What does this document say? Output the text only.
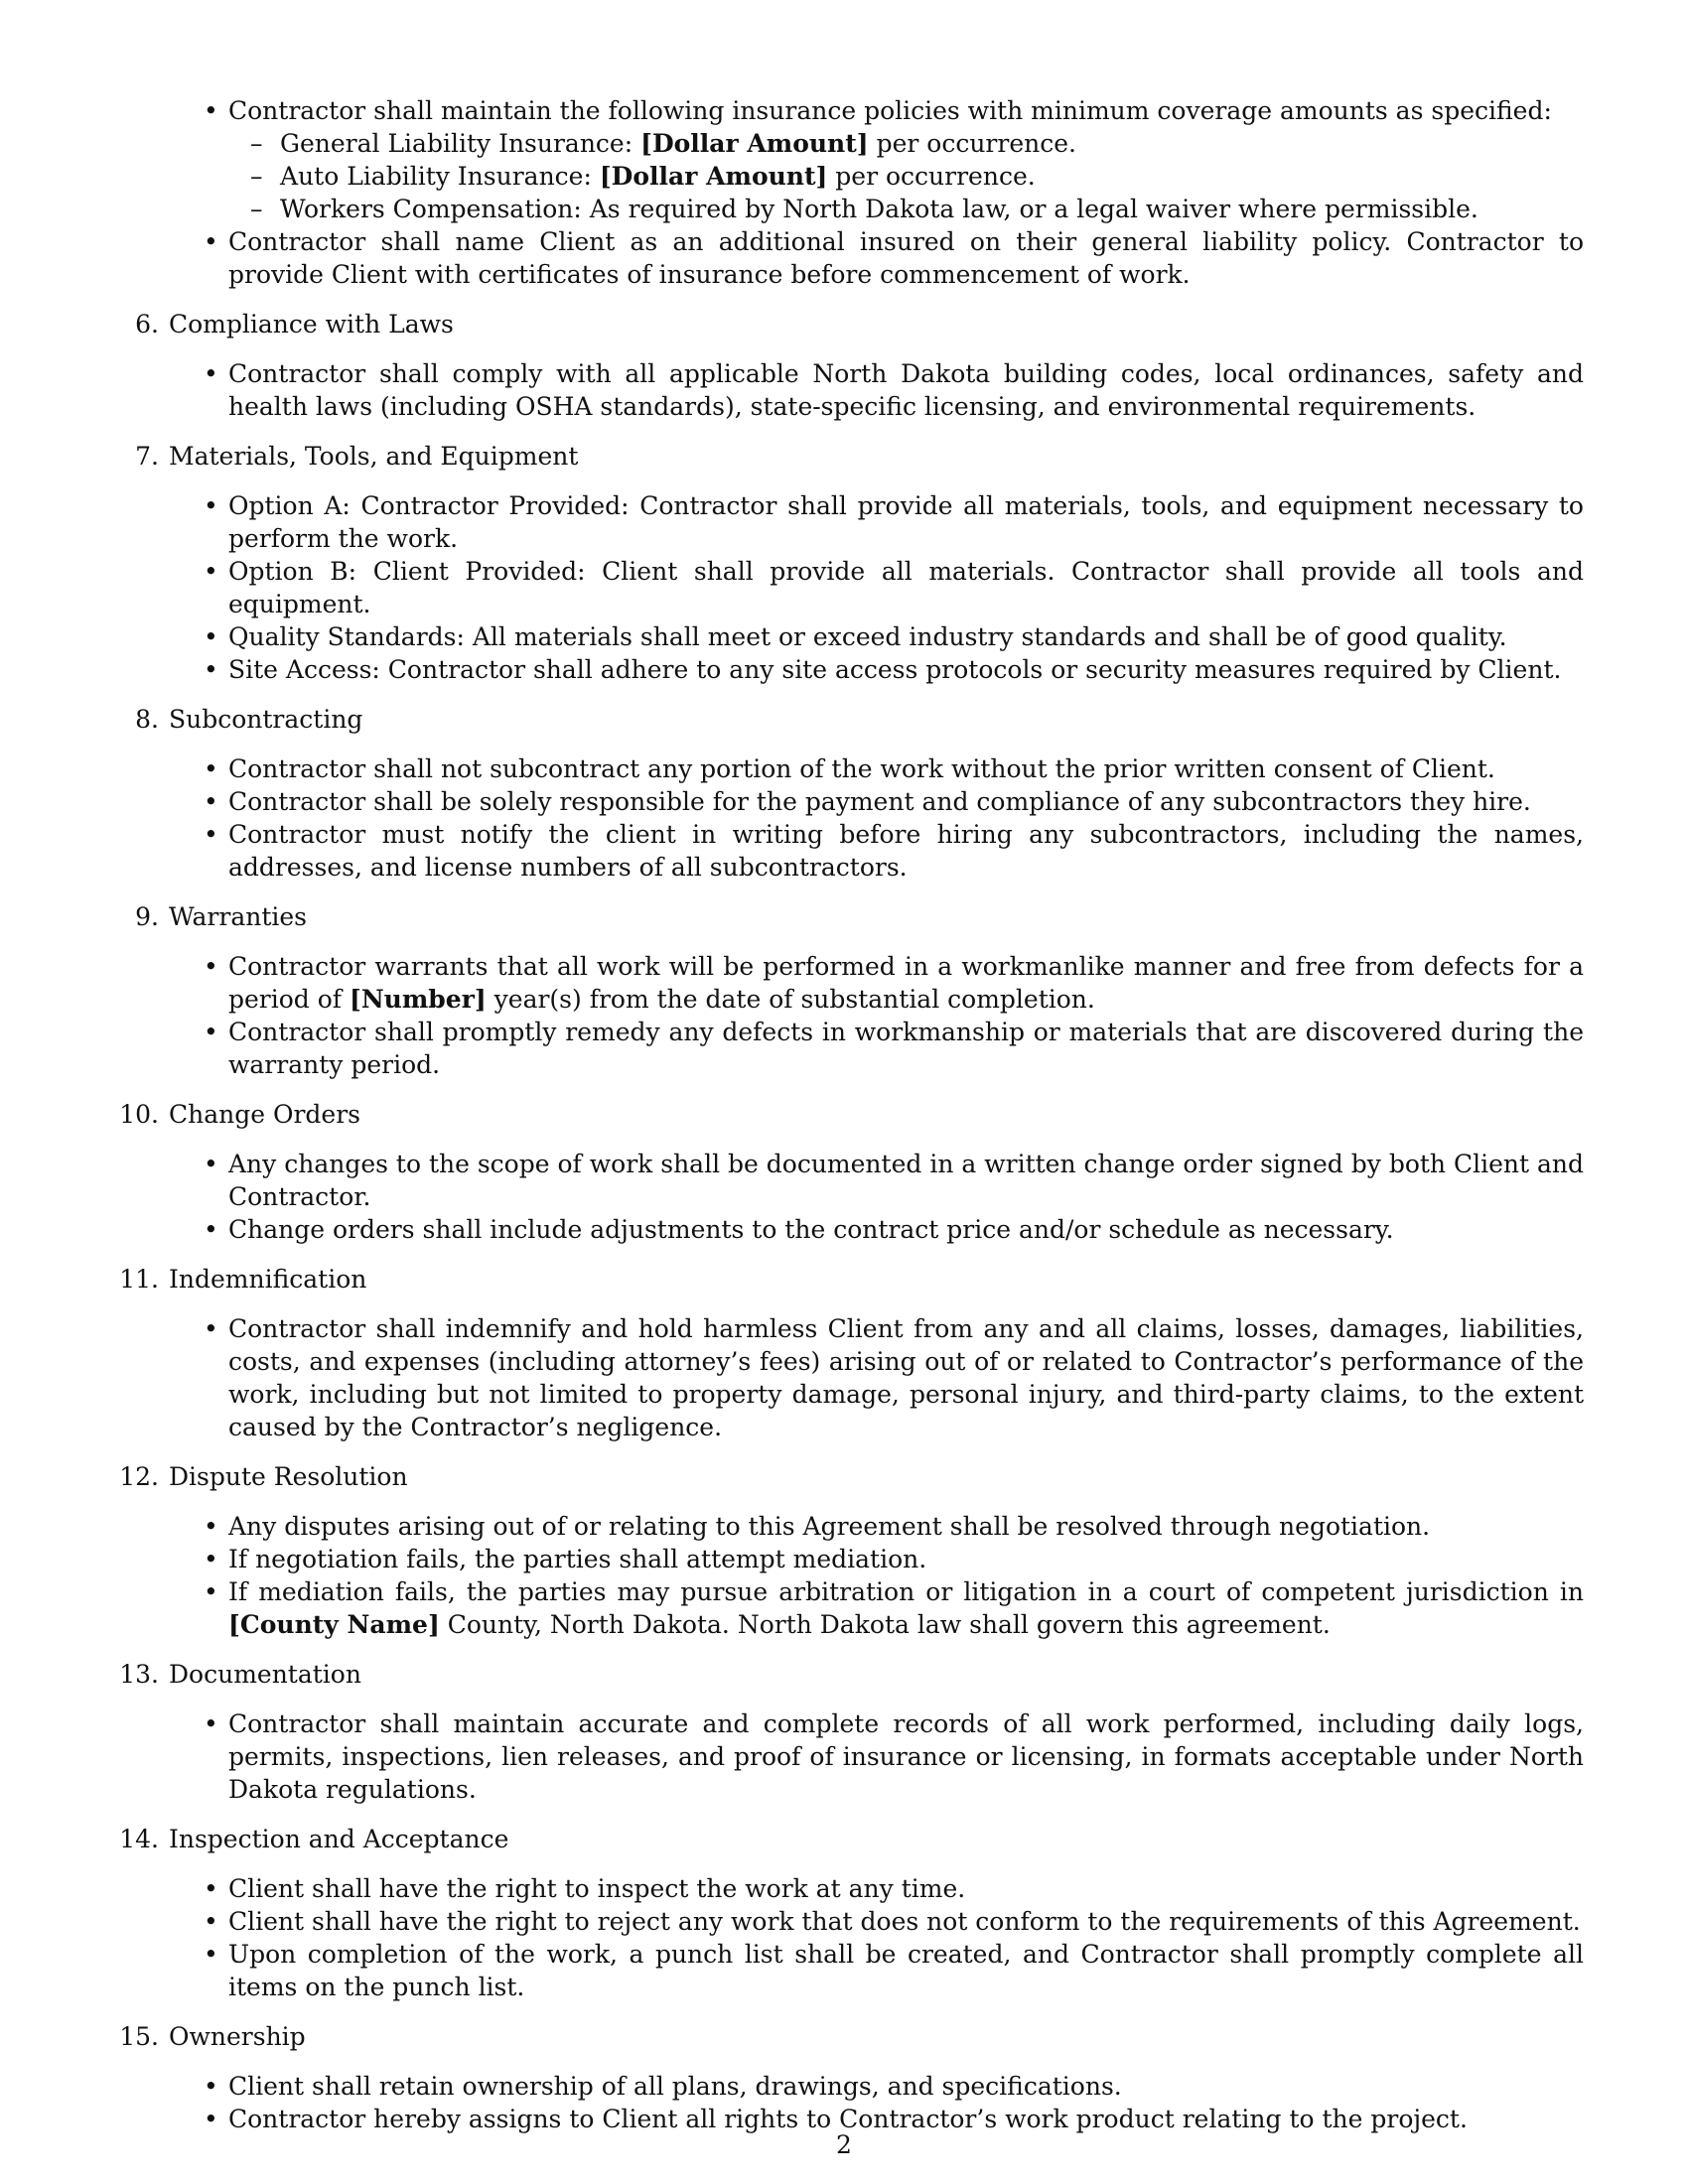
• Contractor shall maintain the following insurance policies with minimum coverage amounts as specified:
– General Liability Insurance: [Dollar Amount] per occurrence.
– Auto Liability Insurance: [Dollar Amount] per occurrence.
– Workers Compensation: As required by North Dakota law, or a legal waiver where permissible.
• Contractor shall name Client as an additional insured on their general liability policy. Contractor to provide Client with certificates of insurance before commencement of work.
6. Compliance with Laws
• Contractor shall comply with all applicable North Dakota building codes, local ordinances, safety and health laws (including OSHA standards), state-specific licensing, and environmental requirements.
7. Materials, Tools, and Equipment
• Option A: Contractor Provided: Contractor shall provide all materials, tools, and equipment necessary to perform the work.
• Option B: Client Provided: Client shall provide all materials. Contractor shall provide all tools and equipment.
• Quality Standards: All materials shall meet or exceed industry standards and shall be of good quality.
• Site Access: Contractor shall adhere to any site access protocols or security measures required by Client.
8. Subcontracting
• Contractor shall not subcontract any portion of the work without the prior written consent of Client.
• Contractor shall be solely responsible for the payment and compliance of any subcontractors they hire.
• Contractor must notify the client in writing before hiring any subcontractors, including the names, addresses, and license numbers of all subcontractors.
9. Warranties
• Contractor warrants that all work will be performed in a workmanlike manner and free from defects for a period of [Number] year(s) from the date of substantial completion.
• Contractor shall promptly remedy any defects in workmanship or materials that are discovered during the warranty period.
10. Change Orders
• Any changes to the scope of work shall be documented in a written change order signed by both Client and Contractor.
• Change orders shall include adjustments to the contract price and/or schedule as necessary.
11. Indemnification
• Contractor shall indemnify and hold harmless Client from any and all claims, losses, damages, liabilities, costs, and expenses (including attorney’s fees) arising out of or related to Contractor’s performance of the work, including but not limited to property damage, personal injury, and third-party claims, to the extent caused by the Contractor’s negligence.
12. Dispute Resolution
• Any disputes arising out of or relating to this Agreement shall be resolved through negotiation.
• If negotiation fails, the parties shall attempt mediation.
• If mediation fails, the parties may pursue arbitration or litigation in a court of competent jurisdiction in [County Name] County, North Dakota. North Dakota law shall govern this agreement.
13. Documentation
• Contractor shall maintain accurate and complete records of all work performed, including daily logs, permits, inspections, lien releases, and proof of insurance or licensing, in formats acceptable under North Dakota regulations.
14. Inspection and Acceptance
• Client shall have the right to inspect the work at any time.
• Client shall have the right to reject any work that does not conform to the requirements of this Agreement.
• Upon completion of the work, a punch list shall be created, and Contractor shall promptly complete all items on the punch list.
15. Ownership
• Client shall retain ownership of all plans, drawings, and specifications.
• Contractor hereby assigns to Client all rights to Contractor’s work product relating to the project.
2
